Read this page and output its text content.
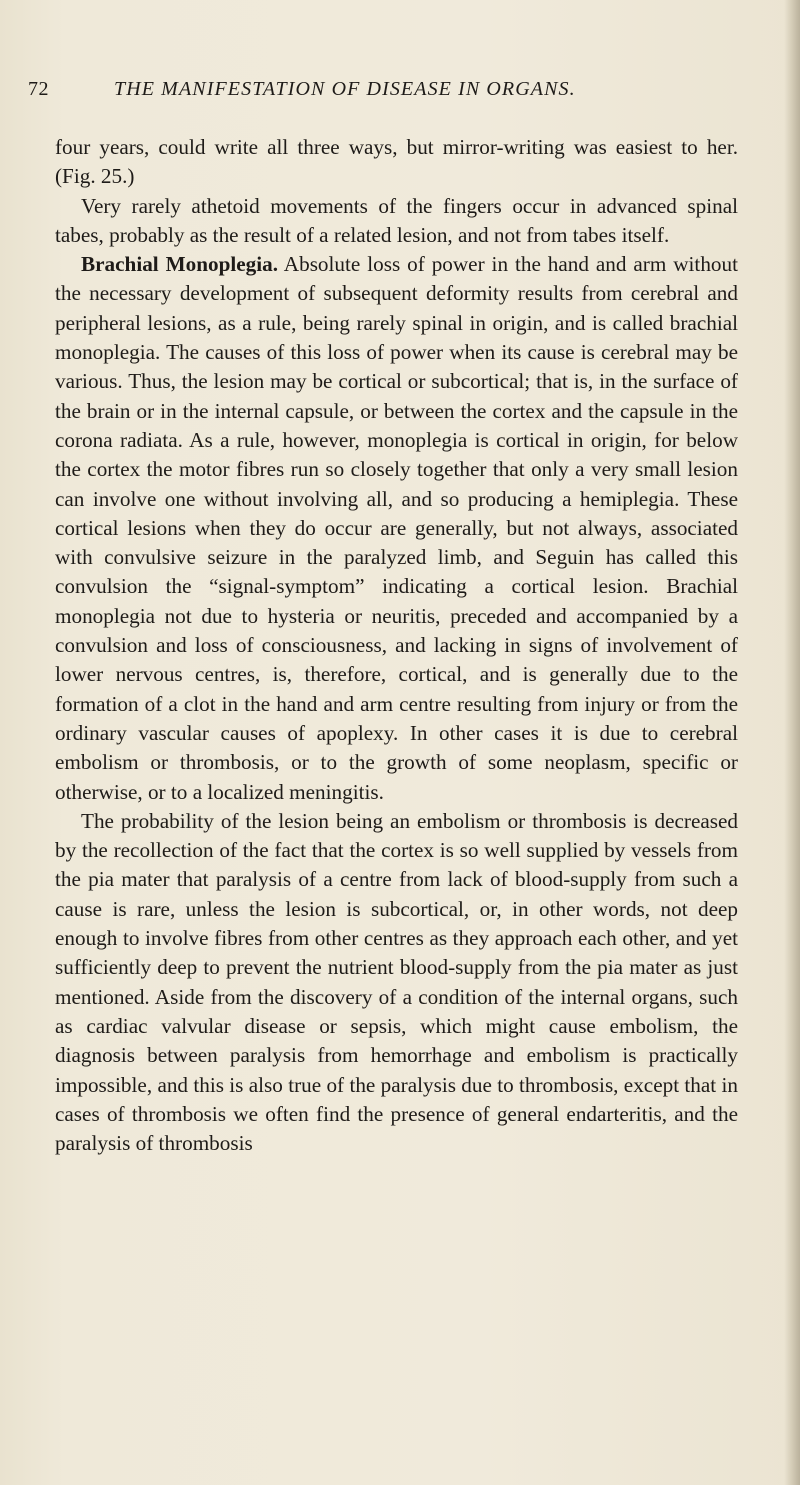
72	THE MANIFESTATION OF DISEASE IN ORGANS.

four years, could write all three ways, but mirror-writing was easiest to her. (Fig. 25.)

Very rarely athetoid movements of the fingers occur in advanced spinal tabes, probably as the result of a related lesion, and not from tabes itself.

Brachial Monoplegia. Absolute loss of power in the hand and arm without the necessary development of subsequent deformity results from cerebral and peripheral lesions, as a rule, being rarely spinal in origin, and is called brachial monoplegia. The causes of this loss of power when its cause is cerebral may be various. Thus, the lesion may be cortical or subcortical; that is, in the surface of the brain or in the internal capsule, or between the cortex and the capsule in the corona radiata. As a rule, however, monoplegia is cortical in origin, for below the cortex the motor fibres run so closely together that only a very small lesion can involve one without involving all, and so producing a hemiplegia. These cortical lesions when they do occur are generally, but not always, associated with convulsive seizure in the paralyzed limb, and Seguin has called this convulsion the “signal-symptom” indicating a cortical lesion. Brachial monoplegia not due to hysteria or neuritis, preceded and accompanied by a convulsion and loss of consciousness, and lacking in signs of involvement of lower nervous centres, is, therefore, cortical, and is generally due to the formation of a clot in the hand and arm centre resulting from injury or from the ordinary vascular causes of apoplexy. In other cases it is due to cerebral embolism or thrombosis, or to the growth of some neoplasm, specific or otherwise, or to a localized meningitis.

The probability of the lesion being an embolism or thrombosis is decreased by the recollection of the fact that the cortex is so well supplied by vessels from the pia mater that paralysis of a centre from lack of blood-supply from such a cause is rare, unless the lesion is subcortical, or, in other words, not deep enough to involve fibres from other centres as they approach each other, and yet sufficiently deep to prevent the nutrient blood-supply from the pia mater as just mentioned. Aside from the discovery of a condition of the internal organs, such as cardiac valvular disease or sepsis, which might cause embolism, the diagnosis between paralysis from hemorrhage and embolism is practically impossible, and this is also true of the paralysis due to thrombosis, except that in cases of thrombosis we often find the presence of general endarteritis, and the paralysis of thrombosis
